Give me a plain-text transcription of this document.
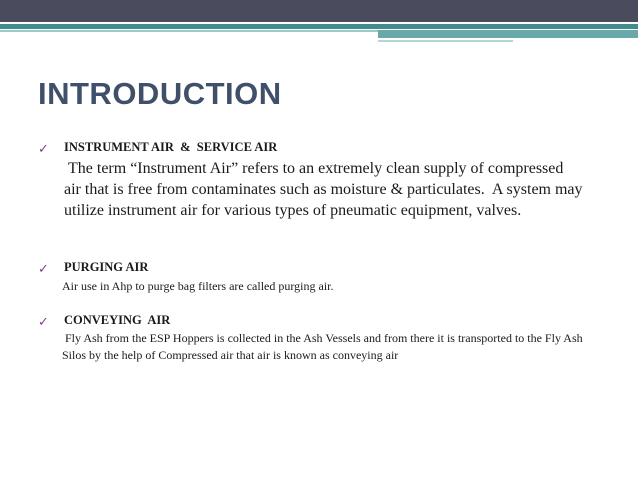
INTRODUCTION
✓ INSTRUMENT AIR  &  SERVICE AIR
The term “Instrument Air” refers to an extremely clean supply of compressed air that is free from contaminates such as moisture & particulates.  A system may utilize instrument air for various types of pneumatic equipment, valves.
✓ PURGING AIR
Air use in Ahp to purge bag filters are called purging air.
✓ CONVEYING  AIR
Fly Ash from the ESP Hoppers is collected in the Ash Vessels and from there it is transported to the Fly Ash Silos by the help of Compressed air that air is known as conveying air
